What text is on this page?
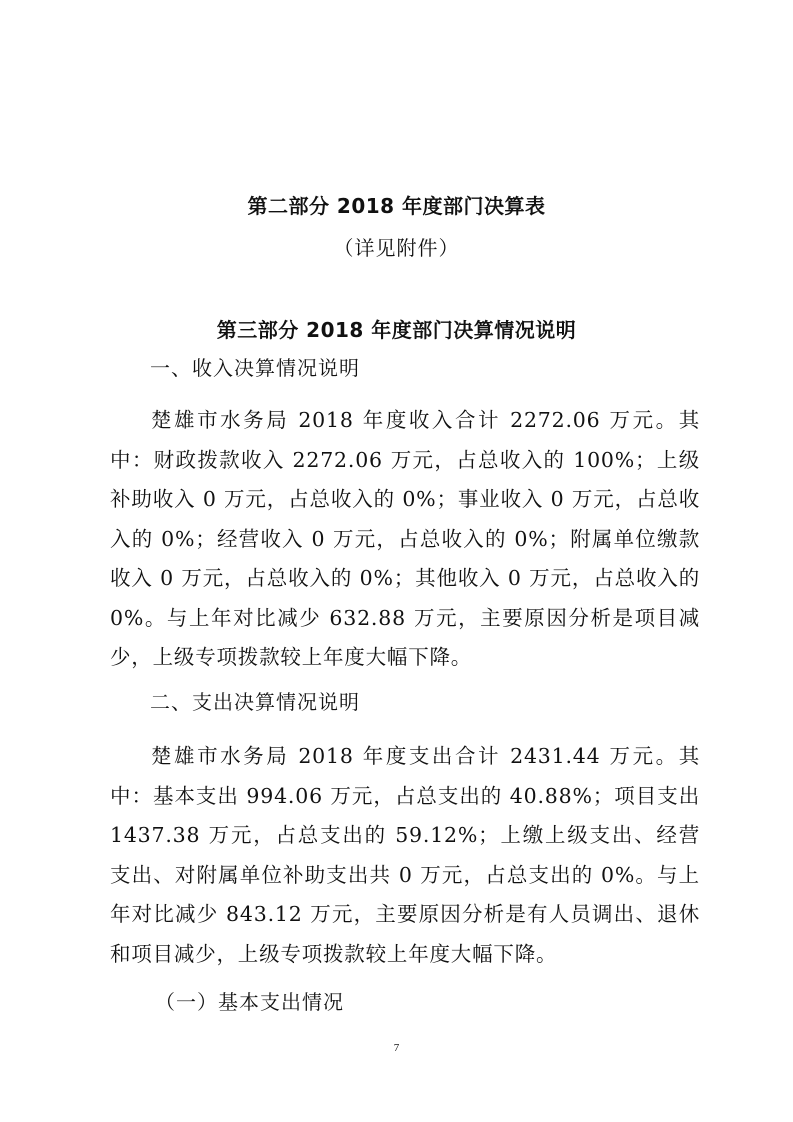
第二部分 2018 年度部门决算表
（详见附件）
第三部分 2018 年度部门决算情况说明
一、收入决算情况说明
楚雄市水务局 2018 年度收入合计 2272.06 万元。其中：财政拨款收入 2272.06 万元，占总收入的 100%；上级补助收入 0 万元，占总收入的 0%；事业收入 0 万元，占总收入的 0%；经营收入 0 万元，占总收入的 0%；附属单位缴款收入 0 万元，占总收入的 0%；其他收入 0 万元，占总收入的 0%。与上年对比减少 632.88 万元，主要原因分析是项目减少，上级专项拨款较上年度大幅下降。
二、支出决算情况说明
楚雄市水务局 2018 年度支出合计 2431.44 万元。其中：基本支出 994.06 万元，占总支出的 40.88%；项目支出 1437.38 万元，占总支出的 59.12%；上缴上级支出、经营支出、对附属单位补助支出共 0 万元，占总支出的 0%。与上年对比减少 843.12 万元，主要原因分析是有人员调出、退休和项目减少，上级专项拨款较上年度大幅下降。
（一）基本支出情况
7
